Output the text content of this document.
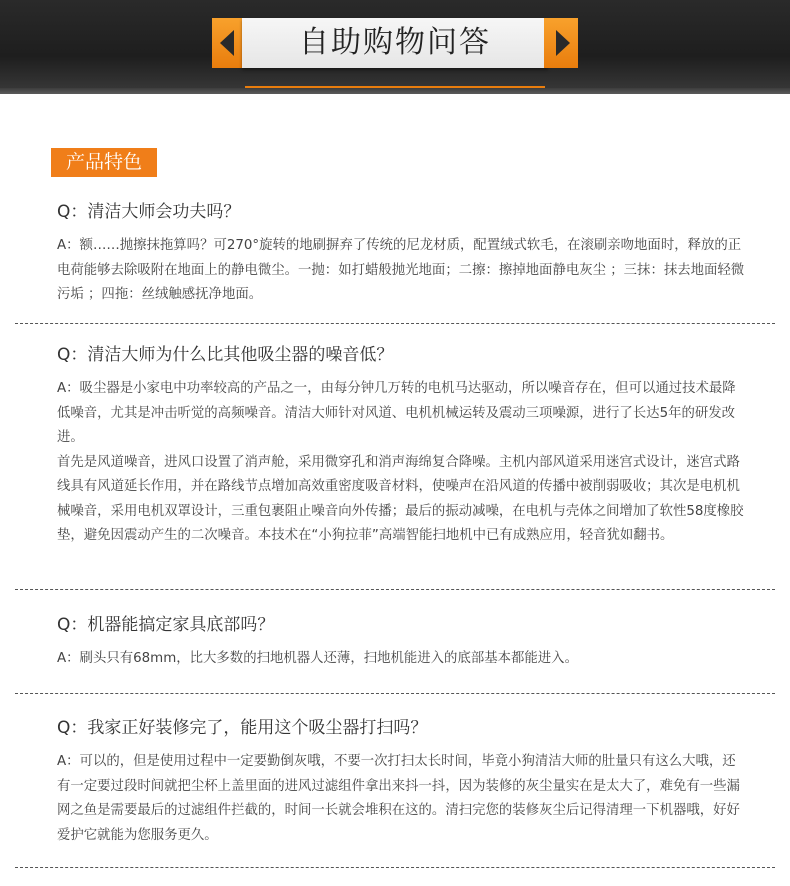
自助购物问答
产品特色
Q：清洁大师会功夫吗？

A：额……抛擦抹拖算吗？可270°旋转的地刷摒弃了传统的尼龙材质，配置绒式软毛，在滚刷亲吻地面时，释放的正电荷能够去除吸附在地面上的静电微尘。一抛：如打蜡般抛光地面；二擦：擦掉地面静电灰尘 ；三抹：抹去地面轻微污垢 ；四拖：丝绒触感抚净地面。

Q：清洁大师为什么比其他吸尘器的噪音低？

A：吸尘器是小家电中功率较高的产品之一，由每分钟几万转的电机马达驱动，所以噪音存在，但可以通过技术最降低噪音，尤其是冲击听觉的高频噪音。清洁大师针对风道、电机机械运转及震动三项噪源，进行了长达5年的研发改进。

首先是风道噪音，进风口设置了消声舱，采用微穿孔和消声海绵复合降噪。主机内部风道采用迷宫式设计，迷宫式路线具有风道延长作用，并在路线节点增加高效重密度吸音材料，使噪声在沿风道的传播中被削弱吸收；其次是电机机械噪音，采用电机双罩设计，三重包裹阻止噪音向外传播；最后的振动减噪，在电机与壳体之间增加了软性58度橡胶垫，避免因震动产生的二次噪音。本技术在“小狗拉菲”高端智能扫地机中已有成熟应用，轻音犹如翻书。

Q：机器能搞定家具底部吗？

A：刷头只有68mm，比大多数的扫地机器人还薄，扫地机能进入的底部基本都能进入。

Q：我家正好装修完了，能用这个吸尘器打扫吗？

A：可以的，但是使用过程中一定要勤倒灰哦，不要一次打扫太长时间，毕竟小狗清洁大师的肚量只有这么大哦，还有一定要过段时间就把尘杯上盖里面的进风过滤组件拿出来抖一抖，因为装修的灰尘量实在是太大了，难免有一些漏网之鱼是需要最后的过滤组件拦截的，时间一长就会堆积在这的。清扫完您的装修灰尘后记得清理一下机器哦，好好爱护它就能为您服务更久。
